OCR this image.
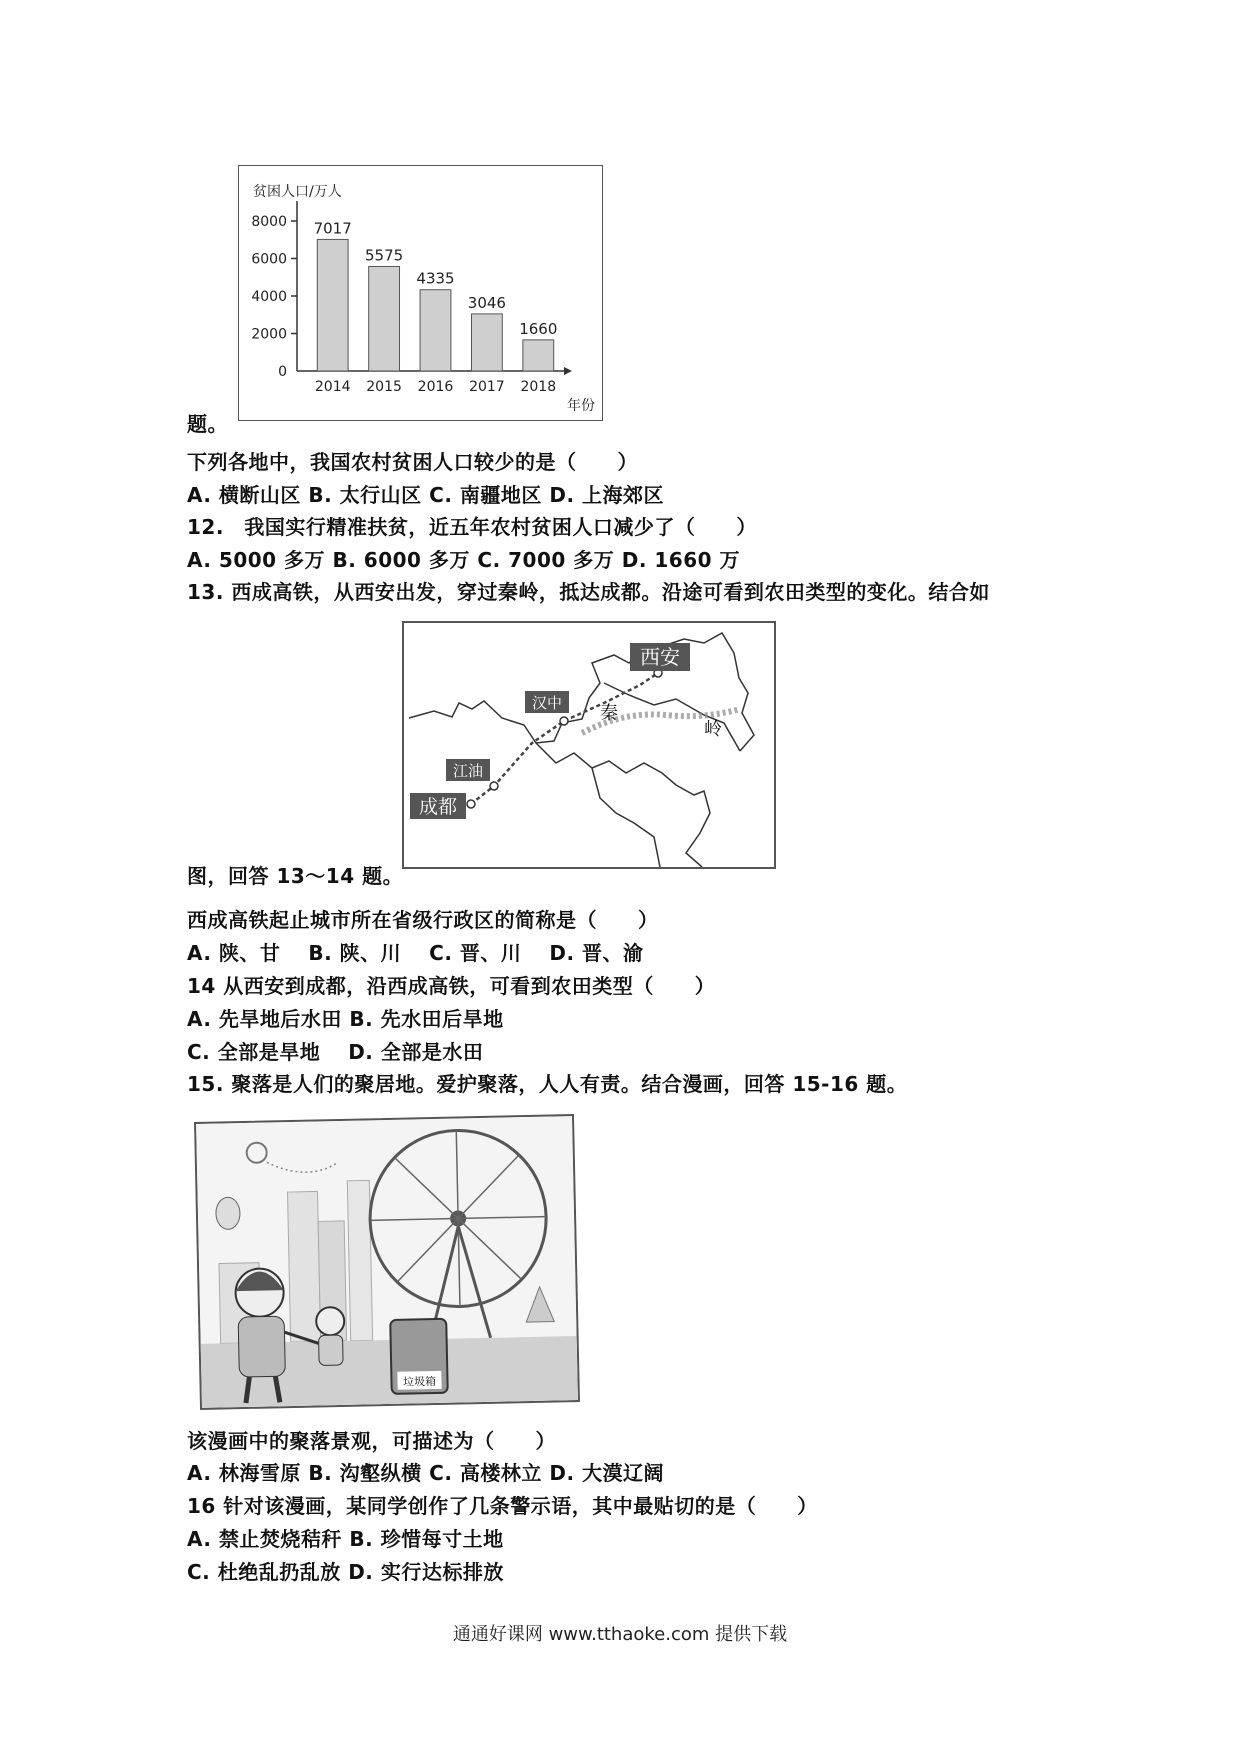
贫困人口/万人
年份
0
2000
4000
6000
8000 7017
2014
5575
2015
4335
2016
3046
2017
1660
2018
题。
下列各地中，我国农村贫困人口较少的是（　　）
A. 横断山区 B. 太行山区 C. 南疆地区 D. 上海郊区
12.　我国实行精准扶贫，近五年农村贫困人口减少了（　　）
A. 5000 多万 B. 6000 多万 C. 7000 多万 D. 1660 万
13. 西成高铁，从西安出发，穿过秦岭，抵达成都。沿途可看到农田类型的变化。结合如
西安
汉中
江油
成都
秦
岭
图，回答 13～14 题。
西成高铁起止城市所在省级行政区的简称是（　　）
A. 陕、甘　 B. 陕、川　 C. 晋、川　 D. 晋、渝
14 从西安到成都，沿西成高铁，可看到农田类型（　　）
A. 先旱地后水田 B. 先水田后旱地
C. 全部是旱地　 D. 全部是水田
15. 聚落是人们的聚居地。爱护聚落，人人有责。结合漫画，回答 15-16 题。
垃圾箱
该漫画中的聚落景观，可描述为（　　）
A. 林海雪原 B. 沟壑纵横 C. 高楼林立 D. 大漠辽阔
16 针对该漫画，某同学创作了几条警示语，其中最贴切的是（　　）
A. 禁止焚烧秸秆 B. 珍惜每寸土地
C. 杜绝乱扔乱放 D. 实行达标排放
通通好课网 www.tthaoke.com 提供下载
